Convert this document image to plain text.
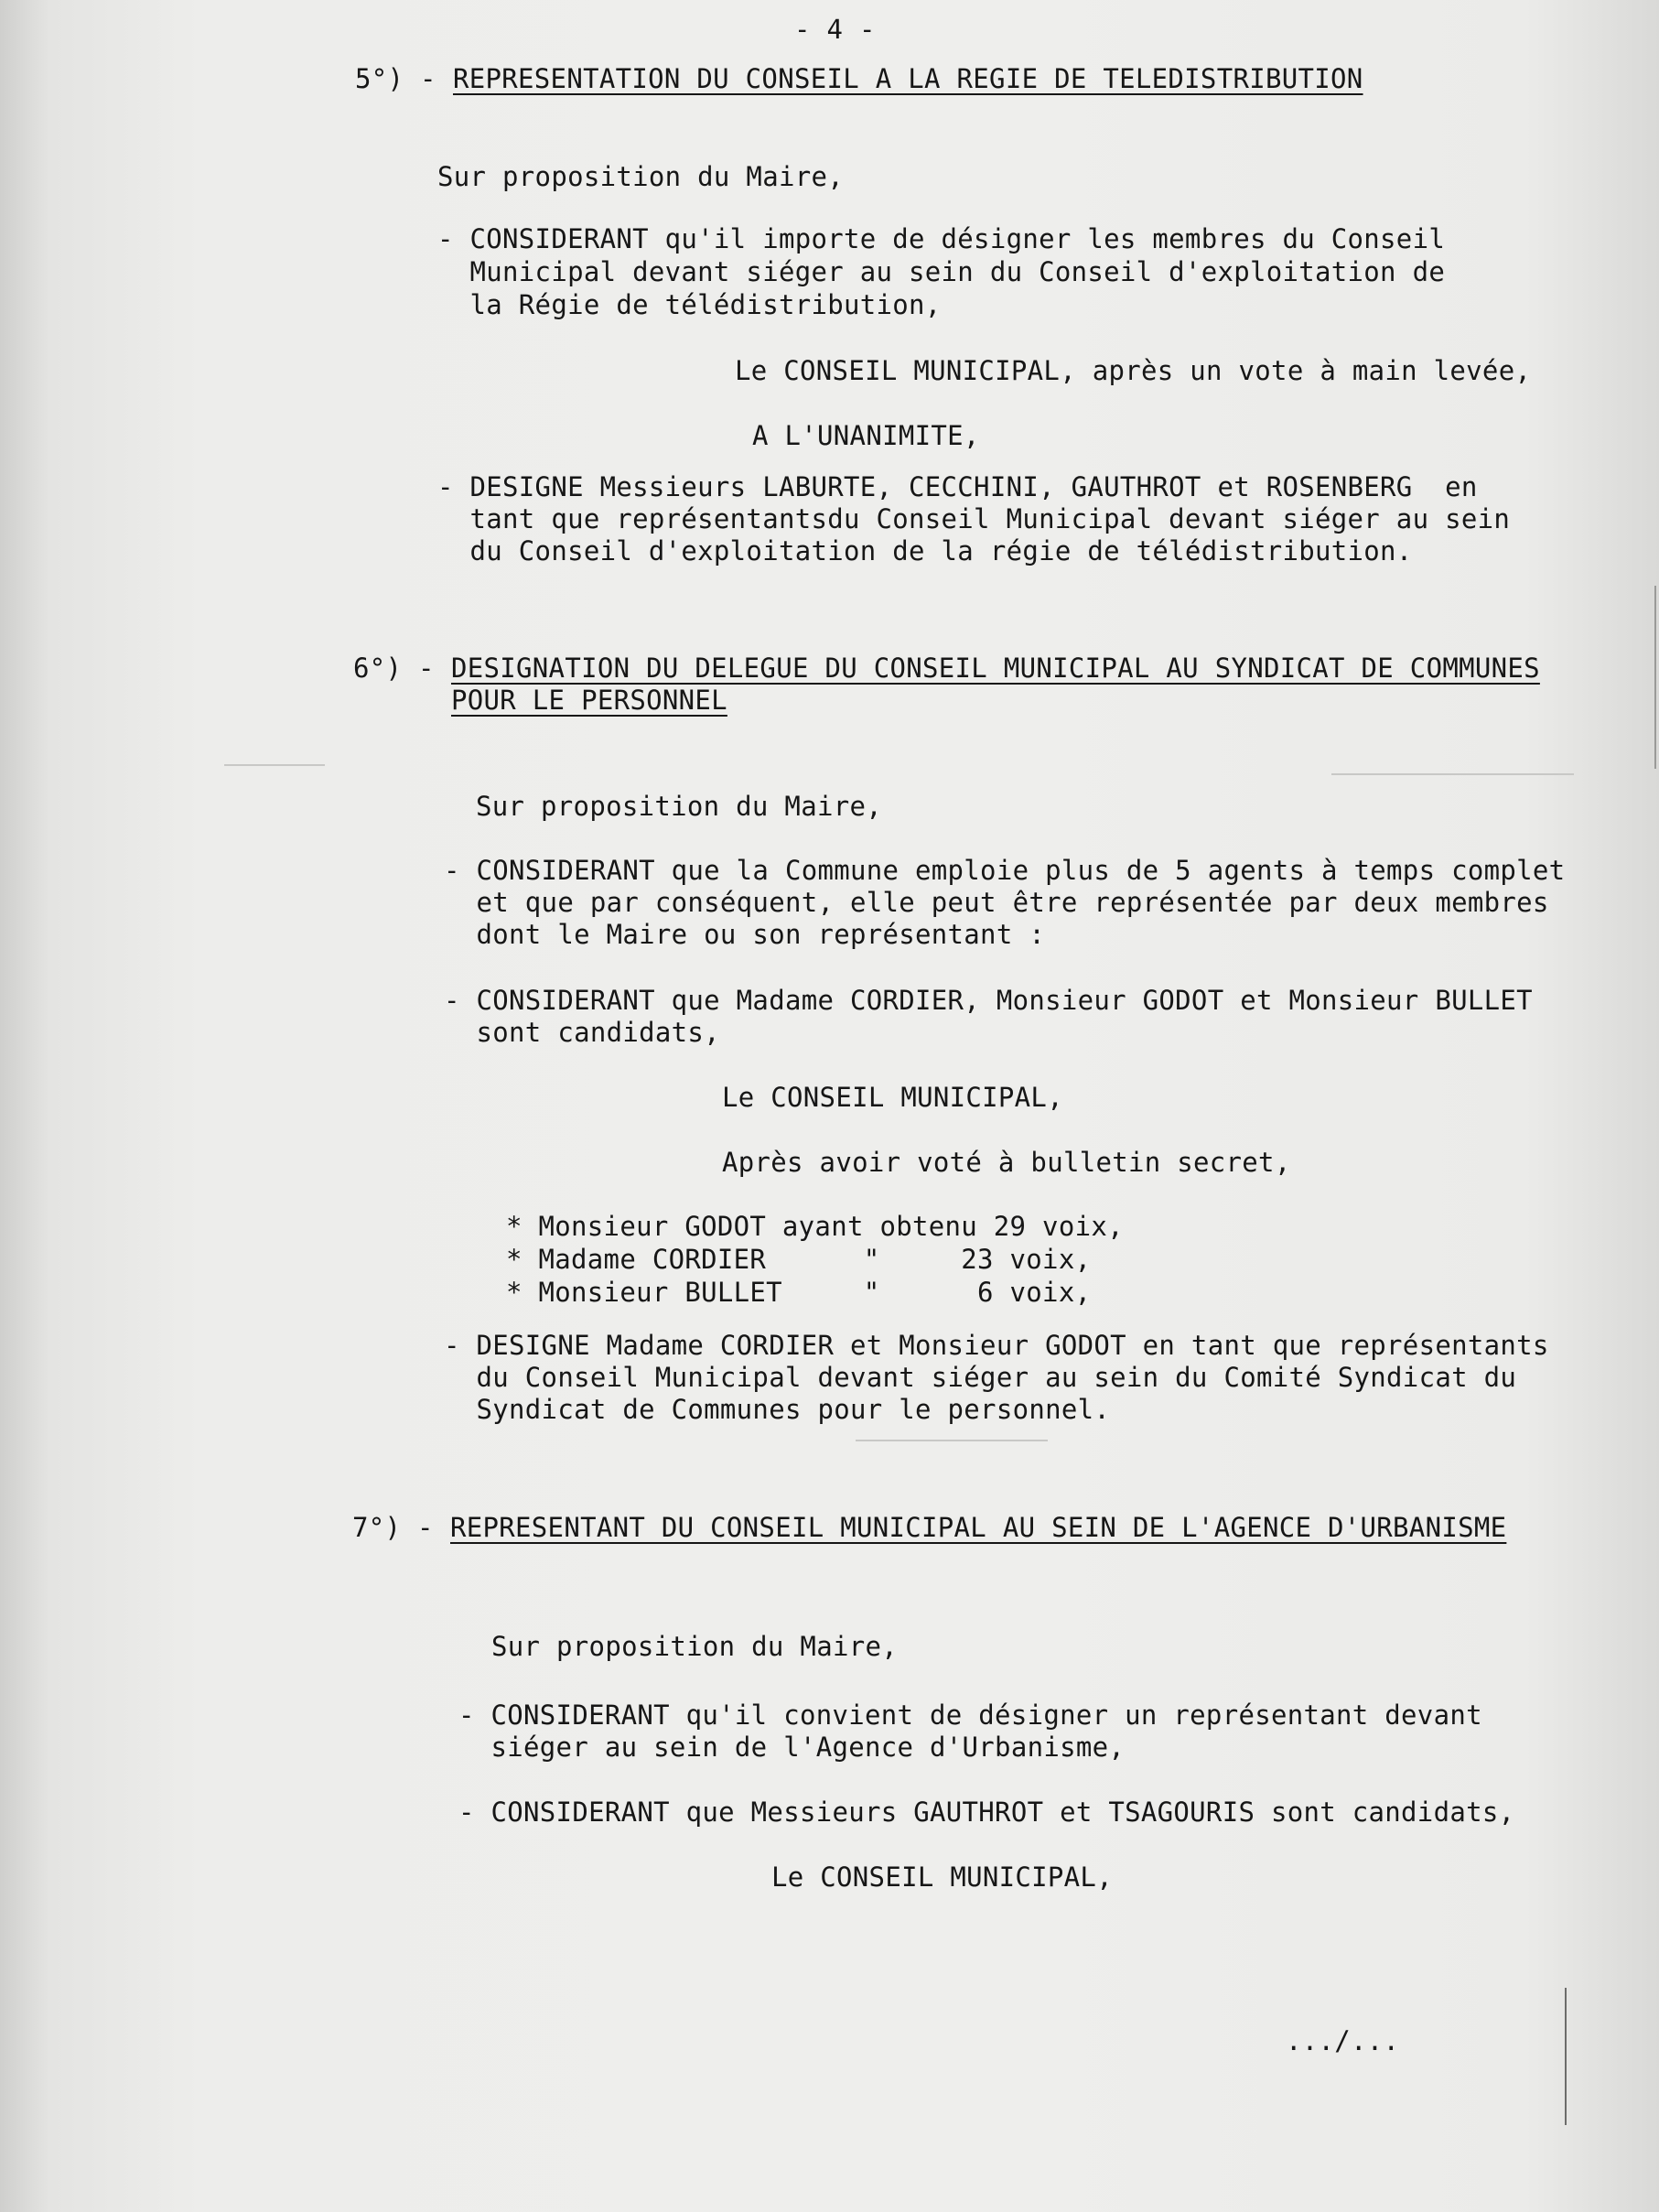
- 4 -
5°) - REPRESENTATION DU CONSEIL A LA REGIE DE TELEDISTRIBUTION
Sur proposition du Maire,
- CONSIDERANT qu'il importe de désigner les membres du Conseil
Municipal devant siéger au sein du Conseil d'exploitation de
la Régie de télédistribution,
Le CONSEIL MUNICIPAL, après un vote à main levée,
A L'UNANIMITE,
- DESIGNE Messieurs LABURTE, CECCHINI, GAUTHROT et ROSENBERG  en
tant que représentantsdu Conseil Municipal devant siéger au sein
du Conseil d'exploitation de la régie de télédistribution.
6°) - DESIGNATION DU DELEGUE DU CONSEIL MUNICIPAL AU SYNDICAT DE COMMUNES
POUR LE PERSONNEL
Sur proposition du Maire,
- CONSIDERANT que la Commune emploie plus de 5 agents à temps complet
et que par conséquent, elle peut être représentée par deux membres
dont le Maire ou son représentant :
- CONSIDERANT que Madame CORDIER, Monsieur GODOT et Monsieur BULLET
sont candidats,
Le CONSEIL MUNICIPAL,
Après avoir voté à bulletin secret,
* Monsieur GODOT ayant obtenu 29 voix,
* Madame CORDIER      "     23 voix,
* Monsieur BULLET     "      6 voix,
- DESIGNE Madame CORDIER et Monsieur GODOT en tant que représentants
du Conseil Municipal devant siéger au sein du Comité Syndicat du
Syndicat de Communes pour le personnel.
7°) - REPRESENTANT DU CONSEIL MUNICIPAL AU SEIN DE L'AGENCE D'URBANISME
Sur proposition du Maire,
- CONSIDERANT qu'il convient de désigner un représentant devant
siéger au sein de l'Agence d'Urbanisme,
- CONSIDERANT que Messieurs GAUTHROT et TSAGOURIS sont candidats,
Le CONSEIL MUNICIPAL,
.../...
